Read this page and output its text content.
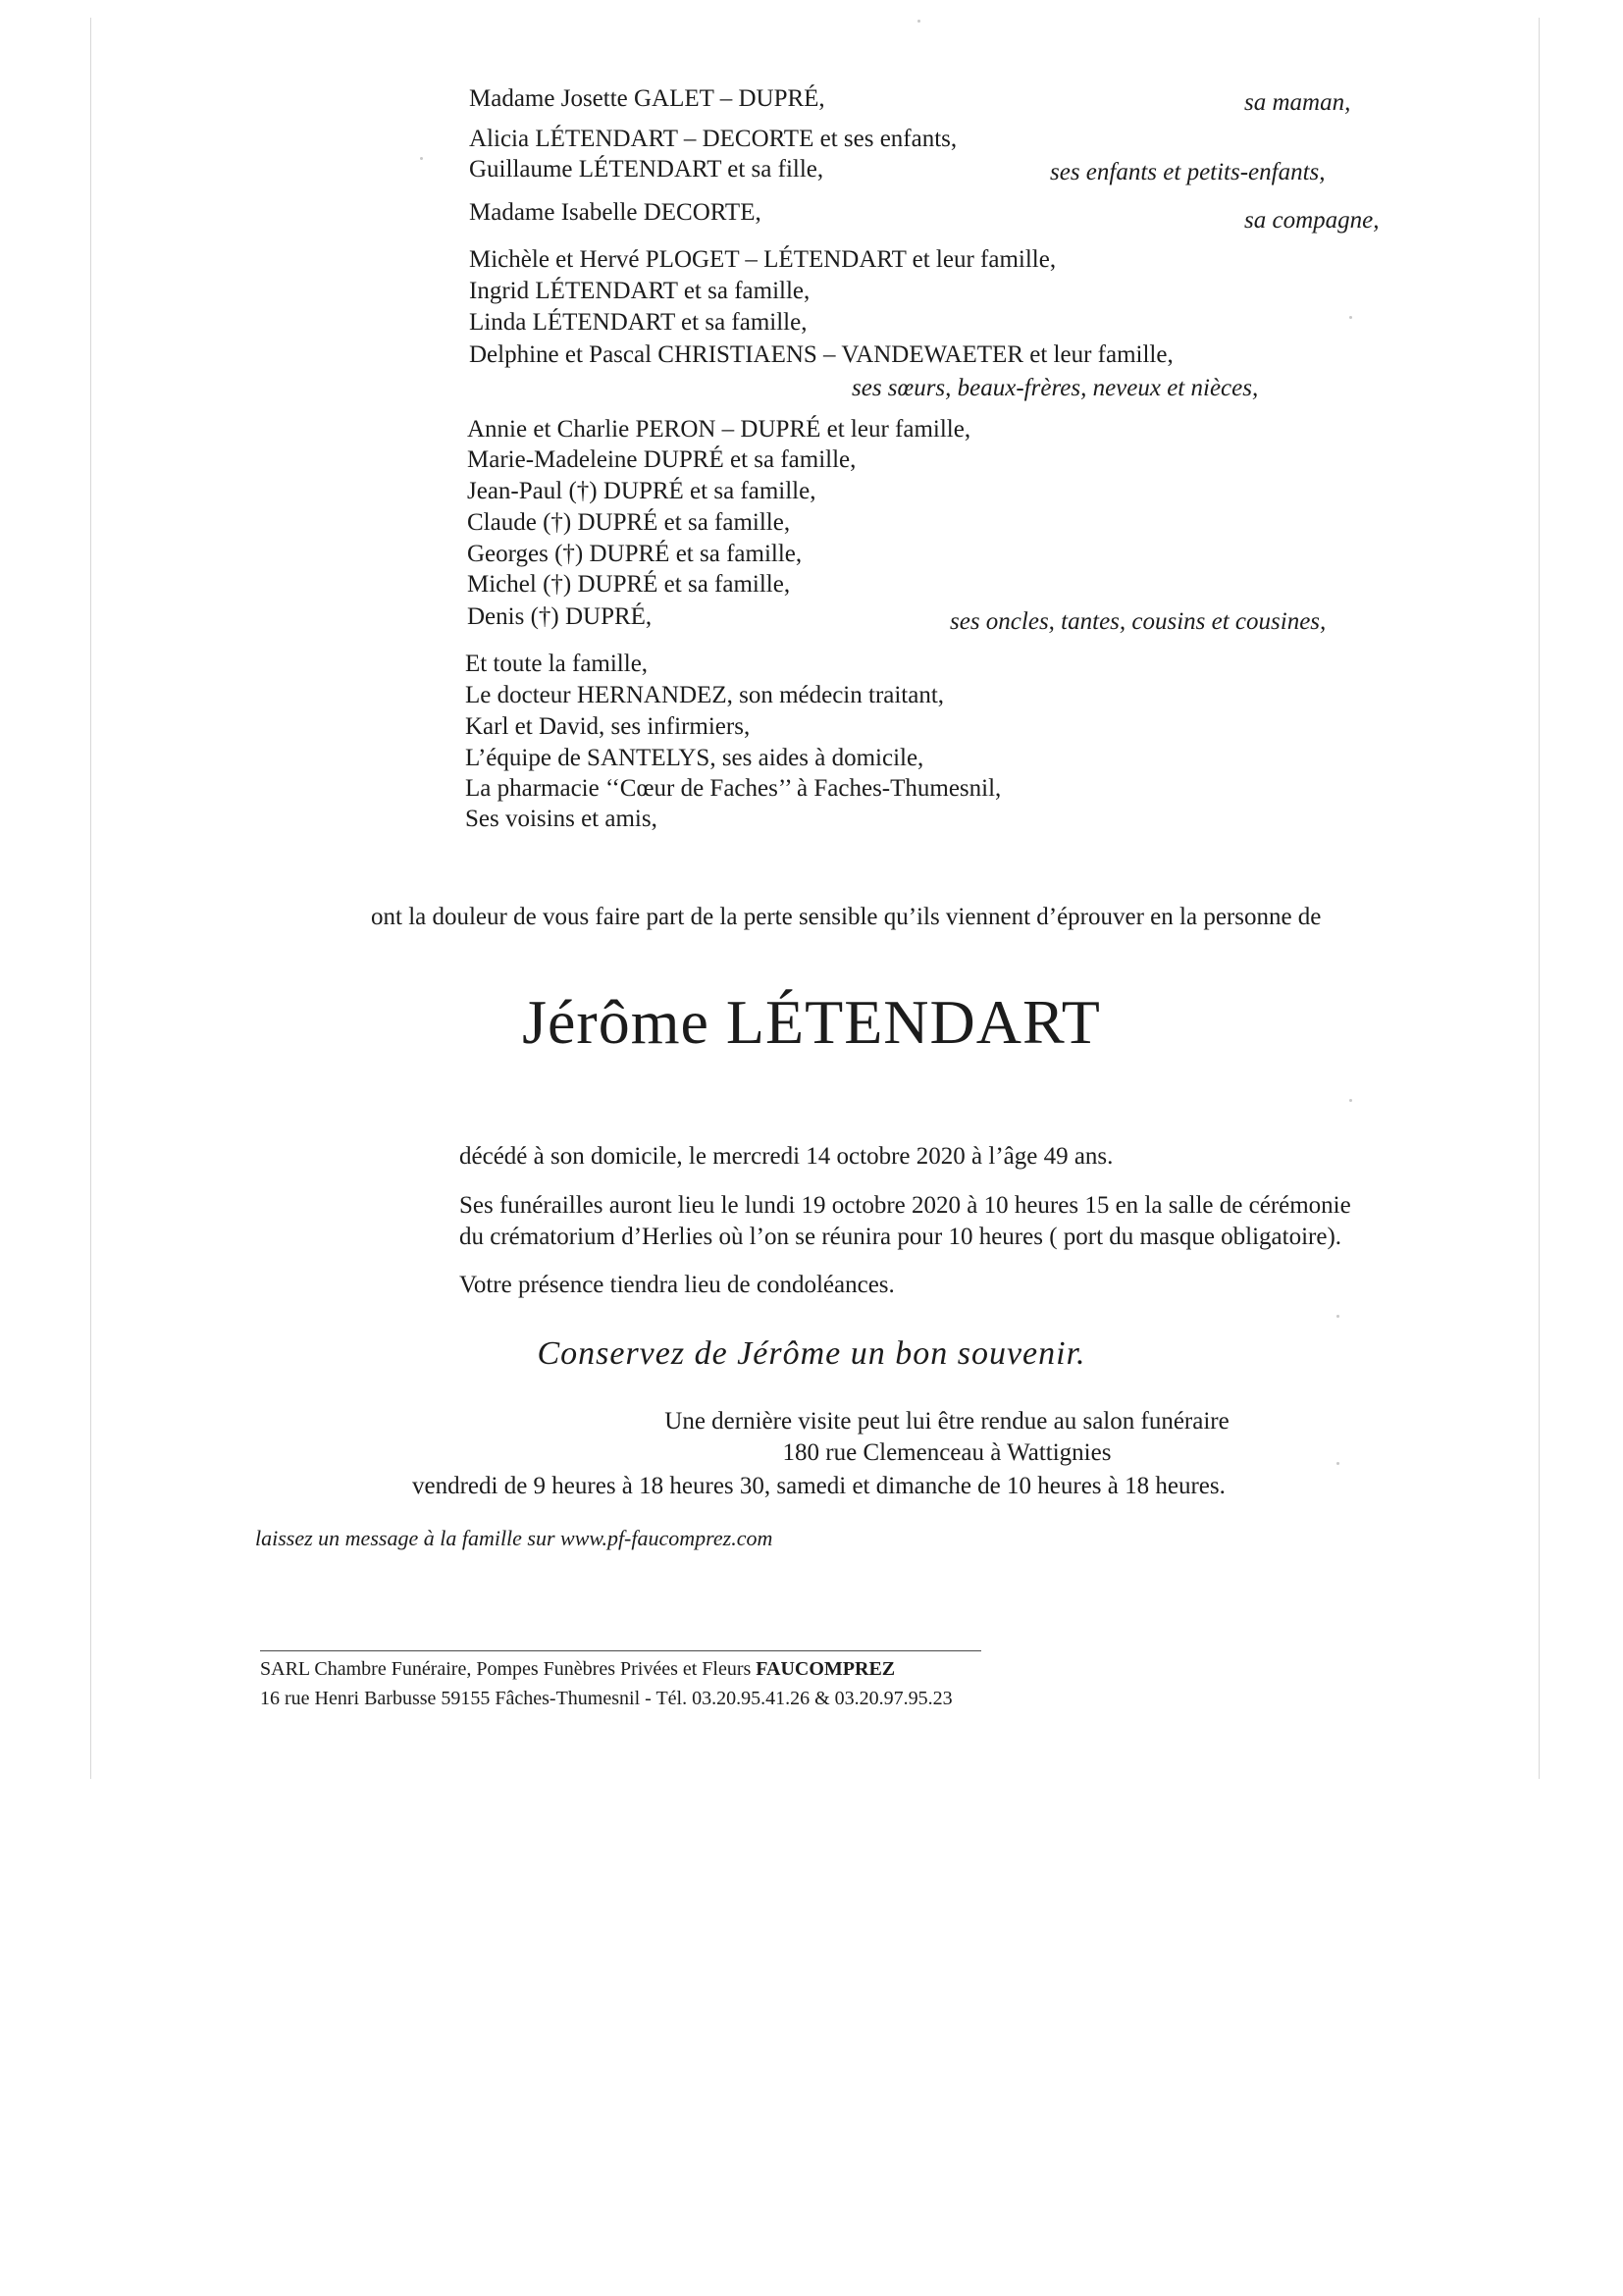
Madame Josette GALET – DUPRÉ,
Alicia LÉTENDART – DECORTE et ses enfants,
Guillaume LÉTENDART et sa fille,
Madame Isabelle DECORTE,
Michèle et Hervé PLOGET – LÉTENDART et leur famille,
Ingrid LÉTENDART et sa famille,
Linda LÉTENDART et sa famille,
Delphine et Pascal CHRISTIAENS – VANDEWAETER et leur famille,
Annie et Charlie PERON – DUPRÉ et leur famille,
Marie-Madeleine DUPRÉ et sa famille,
Jean-Paul (†) DUPRÉ et sa famille,
Claude (†) DUPRÉ et sa famille,
Georges (†) DUPRÉ et sa famille,
Michel (†) DUPRÉ et sa famille,
Denis (†) DUPRÉ,
Et toute la famille,
Le docteur HERNANDEZ, son médecin traitant,
Karl et David, ses infirmiers,
L’équipe de SANTELYS, ses aides à domicile,
La pharmacie ‘‘Cœur de Faches’’ à Faches-Thumesnil,
Ses voisins et amis,
sa maman,
ses enfants et petits-enfants,
sa compagne,
ses sœurs, beaux-frères, neveux et nièces,
ses oncles, tantes, cousins et cousines,
ont la douleur de vous faire part de la perte sensible qu’ils viennent d’éprouver en la personne de
Jérôme LÉTENDART
décédé à son domicile, le mercredi 14 octobre 2020 à l’âge 49 ans.
Ses funérailles auront lieu le lundi 19 octobre 2020 à 10 heures 15 en la salle de cérémonie
du crématorium d’Herlies où l’on se réunira pour 10 heures ( port du masque obligatoire).
Votre présence tiendra lieu de condoléances.
Conservez de Jérôme un bon souvenir.
Une dernière visite peut lui être rendue au salon funéraire
180 rue Clemenceau à Wattignies
vendredi de 9 heures à 18 heures 30, samedi et dimanche de 10 heures à 18 heures.
laissez un message à la famille sur www.pf-faucomprez.com
SARL Chambre Funéraire, Pompes Funèbres Privées et Fleurs FAUCOMPREZ
16 rue Henri Barbusse 59155 Fâches-Thumesnil - Tél. 03.20.95.41.26 & 03.20.97.95.23
